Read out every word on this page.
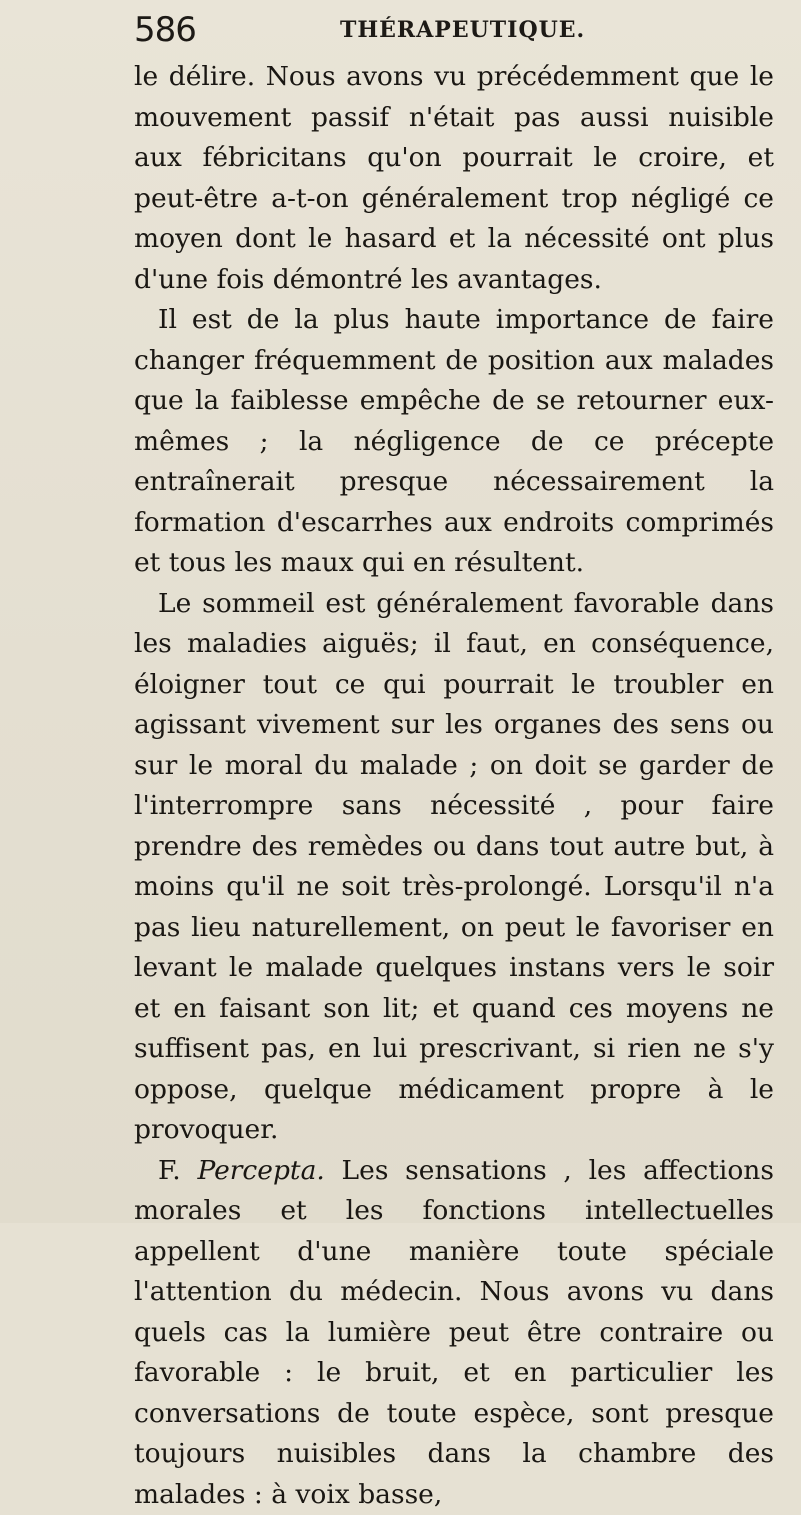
586	THÉRAPEUTIQUE.

le délire. Nous avons vu précédemment que le mouvement passif n'était pas aussi nuisible aux fébricitans qu'on pourrait le croire, et peut-être a-t-on généralement trop négligé ce moyen dont le hasard et la nécessité ont plus d'une fois démontré les avantages.

Il est de la plus haute importance de faire changer fréquemment de position aux malades que la faiblesse empêche de se retourner eux-mêmes ; la négligence de ce précepte entraînerait presque nécessairement la formation d'escarrhes aux endroits comprimés et tous les maux qui en résultent.

Le sommeil est généralement favorable dans les maladies aiguës; il faut, en conséquence, éloigner tout ce qui pourrait le troubler en agissant vivement sur les organes des sens ou sur le moral du malade ; on doit se garder de l'interrompre sans nécessité , pour faire prendre des remèdes ou dans tout autre but, à moins qu'il ne soit très-prolongé. Lorsqu'il n'a pas lieu naturellement, on peut le favoriser en levant le malade quelques instans vers le soir et en faisant son lit; et quand ces moyens ne suffisent pas, en lui prescrivant, si rien ne s'y oppose, quelque médicament propre à le provoquer.

F. Percepta. Les sensations , les affections morales et les fonctions intellectuelles appellent d'une manière toute spéciale l'attention du médecin. Nous avons vu dans quels cas la lumière peut être contraire ou favorable : le bruit, et en particulier les conversations de toute espèce, sont presque toujours nuisibles dans la chambre des malades : à voix basse,
